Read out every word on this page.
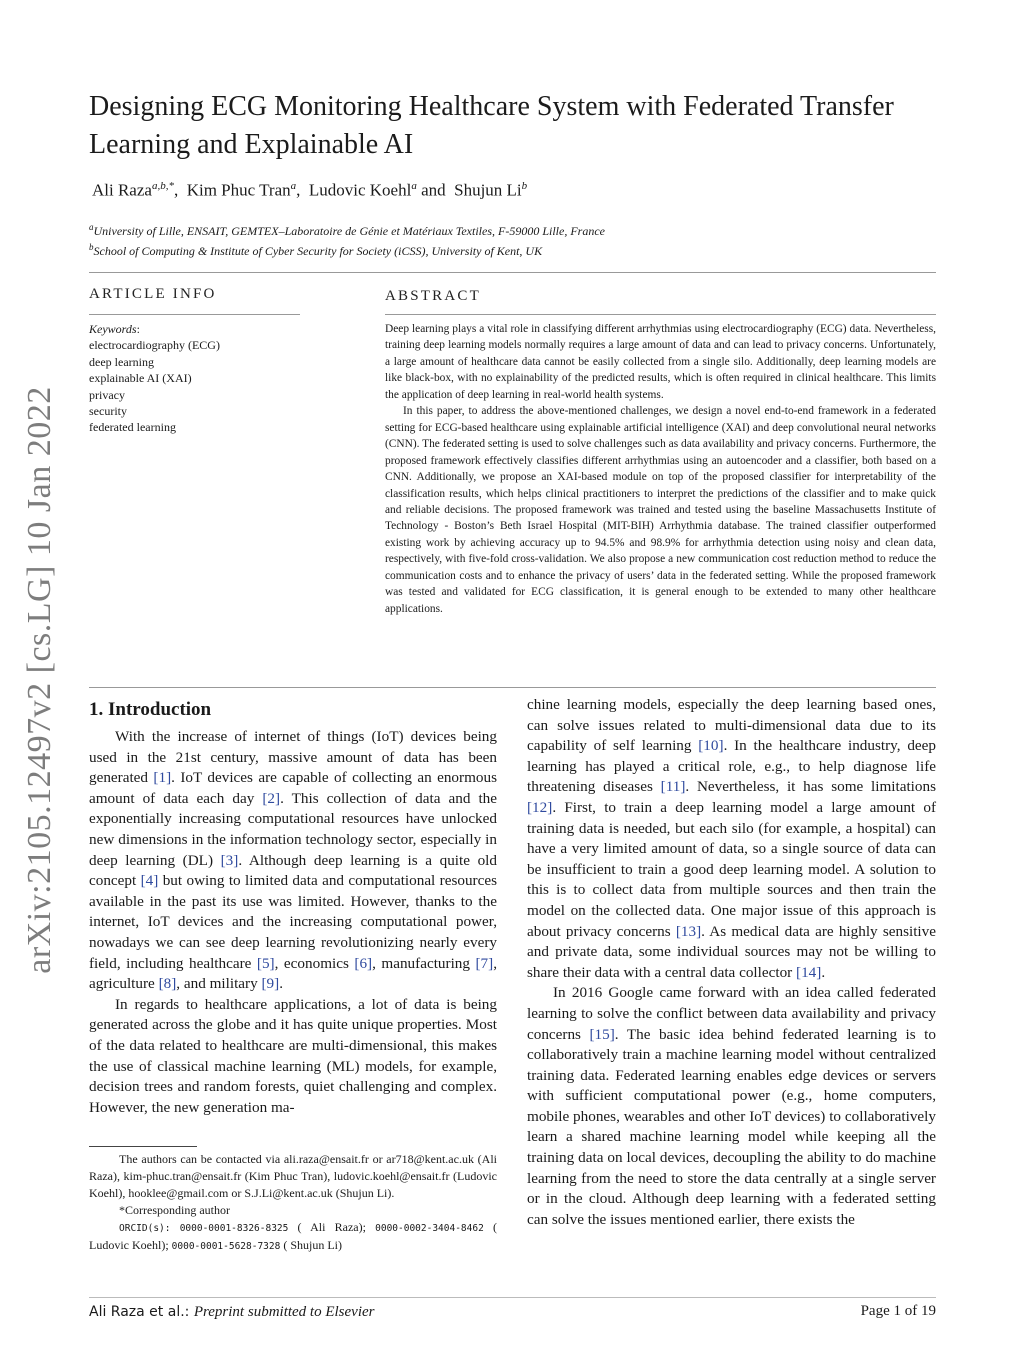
arXiv:2105.12497v2 [cs.LG] 10 Jan 2022
Designing ECG Monitoring Healthcare System with Federated Transfer Learning and Explainable AI
Ali Raza$^{a,b,*}$,  Kim Phuc Tran$^a$,  Ludovic Koehl$^a$ and  Shujun Li$^b$
$^a$University of Lille, ENSAIT, GEMTEX–Laboratoire de Génie et Matériaux Textiles, F-59000 Lille, France
$^b$School of Computing & Institute of Cyber Security for Society (iCSS), University of Kent, UK
ARTICLE INFO
Keywords:
electrocardiography (ECG)
deep learning
explainable AI (XAI)
privacy
security
federated learning
ABSTRACT

Deep learning plays a vital role in classifying different arrhythmias using electrocardiography (ECG) data. Nevertheless, training deep learning models normally requires a large amount of data and can lead to privacy concerns. Unfortunately, a large amount of healthcare data cannot be easily collected from a single silo. Additionally, deep learning models are like black-box, with no explainability of the predicted results, which is often required in clinical healthcare. This limits the application of deep learning in real-world health systems.

In this paper, to address the above-mentioned challenges, we design a novel end-to-end framework in a federated setting for ECG-based healthcare using explainable artificial intelligence (XAI) and deep convolutional neural networks (CNN). The federated setting is used to solve challenges such as data availability and privacy concerns. Furthermore, the proposed framework effectively classifies different arrhythmias using an autoencoder and a classifier, both based on a CNN. Additionally, we propose an XAI-based module on top of the proposed classifier for interpretability of the classification results, which helps clinical practitioners to interpret the predictions of the classifier and to make quick and reliable decisions. The proposed framework was trained and tested using the baseline Massachusetts Institute of Technology - Boston’s Beth Israel Hospital (MIT-BIH) Arrhythmia database. The trained classifier outperformed existing work by achieving accuracy up to 94.5% and 98.9% for arrhythmia detection using noisy and clean data, respectively, with five-fold cross-validation. We also propose a new communication cost reduction method to reduce the communication costs and to enhance the privacy of users’ data in the federated setting. While the proposed framework was tested and validated for ECG classification, it is general enough to be extended to many other healthcare applications.

1. Introduction

With the increase of internet of things (IoT) devices being used in the 21st century, massive amount of data has been generated [1]. IoT devices are capable of collecting an enormous amount of data each day [2]. This collection of data and the exponentially increasing computational resources have unlocked new dimensions in the information technology sector, especially in deep learning (DL) [3]. Although deep learning is a quite old concept [4] but owing to limited data and computational resources available in the past its use was limited. However, thanks to the internet, IoT devices and the increasing computational power, nowadays we can see deep learning revolutionizing nearly every field, including healthcare [5], economics [6], manufacturing [7], agriculture [8], and military [9].

In regards to healthcare applications, a lot of data is being generated across the globe and it has quite unique properties. Most of the data related to healthcare are multi-dimensional, this makes the use of classical machine learning (ML) models, for example, decision trees and random forests, quiet challenging and complex. However, the new generation ma-

The authors can be contacted via ali.raza@ensait.fr or ar718@kent.ac.uk (Ali Raza), kim-phuc.tran@ensait.fr (Kim Phuc Tran), ludovic.koehl@ensait.fr (Ludovic Koehl), hooklee@gmail.com or S.J.Li@kent.ac.uk (Shujun Li).

*Corresponding author

ORCID(s): 0000-0001-8326-8325 ( Ali Raza); 0000-0002-3404-8462 ( Ludovic Koehl); 0000-0001-5628-7328 ( Shujun Li)

chine learning models, especially the deep learning based ones, can solve issues related to multi-dimensional data due to its capability of self learning [10]. In the healthcare industry, deep learning has played a critical role, e.g., to help diagnose life threatening diseases [11]. Nevertheless, it has some limitations [12]. First, to train a deep learning model a large amount of training data is needed, but each silo (for example, a hospital) can have a very limited amount of data, so a single source of data can be insufficient to train a good deep learning model. A solution to this is to collect data from multiple sources and then train the model on the collected data. One major issue of this approach is about privacy concerns [13]. As medical data are highly sensitive and private data, some individual sources may not be willing to share their data with a central data collector [14].

In 2016 Google came forward with an idea called federated learning to solve the conflict between data availability and privacy concerns [15]. The basic idea behind federated learning is to collaboratively train a machine learning model without centralized training data. Federated learning enables edge devices or servers with sufficient computational power (e.g., home computers, mobile phones, wearables and other IoT devices) to collaboratively learn a shared machine learning model while keeping all the training data on local devices, decoupling the ability to do machine learning from the need to store the data centrally at a single server or in the cloud. Although deep learning with a federated setting can solve the issues mentioned earlier, there exists the

Ali Raza et al.: Preprint submitted to Elsevier	Page 1 of 19
